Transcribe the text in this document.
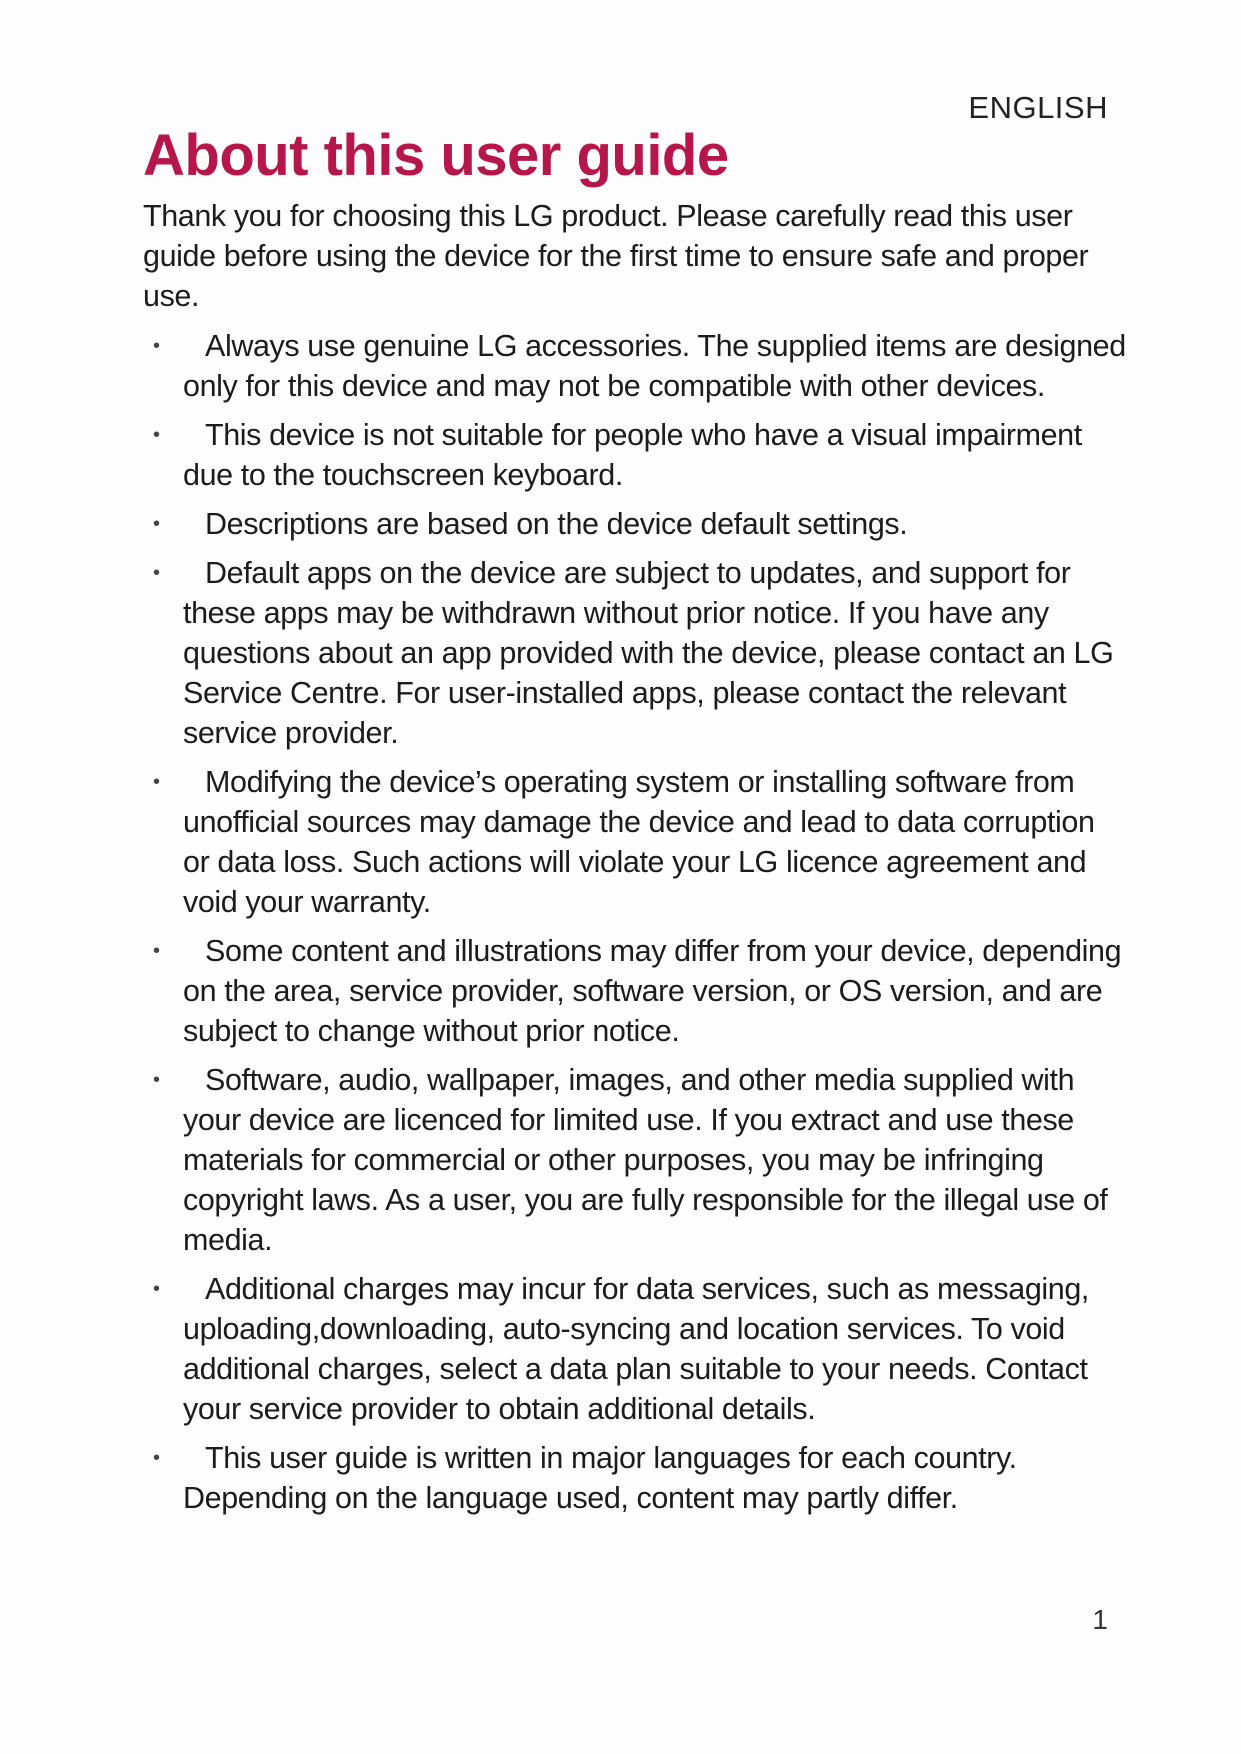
ENGLISH
About this user guide

Thank you for choosing this LG product. Please carefully read this user guide before using the device for the first time to ensure safe and proper use.

•	Always use genuine LG accessories. The supplied items are designed only for this device and may not be compatible with other devices.
•	This device is not suitable for people who have a visual impairment due to the touchscreen keyboard.
•	Descriptions are based on the device default settings.
•	Default apps on the device are subject to updates, and support for these apps may be withdrawn without prior notice. If you have any questions about an app provided with the device, please contact an LG Service Centre. For user-installed apps, please contact the relevant service provider.
•	Modifying the device’s operating system or installing software from unofficial sources may damage the device and lead to data corruption or data loss. Such actions will violate your LG licence agreement and void your warranty.
•	Some content and illustrations may differ from your device, depending on the area, service provider, software version, or OS version, and are subject to change without prior notice.
•	Software, audio, wallpaper, images, and other media supplied with your device are licenced for limited use. If you extract and use these materials for commercial or other purposes, you may be infringing copyright laws. As a user, you are fully responsible for the illegal use of media.
•	Additional charges may incur for data services, such as messaging, uploading,downloading, auto-syncing and location services. To void additional charges, select a data plan suitable to your needs. Contact your service provider to obtain additional details.
•	This user guide is written in major languages for each country. Depending on the language used, content may partly differ.
1
